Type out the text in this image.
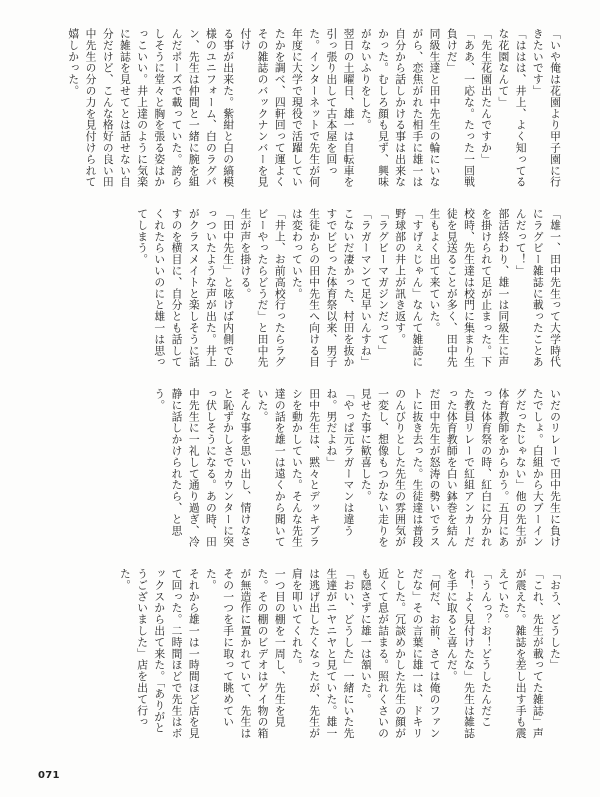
「いや俺は花園より甲子園に行きたいです」

「ははは、井上、よく知ってるな花園なんて」

「先生花園出たんですか」

「ああ、一応な。たった一回戦負けだ」

同級生達と田中先生の輪にいながら、恋焦がれた相手に雄一は自分から話しかける事は出来なかった。むしろ顔も見ず、興味がないふりをした。

翌日の土曜日、雄一は自転車を引っ張り出して古本屋を回った。インターネットで先生が何年度に大学で現役で活躍していたかを調べ、四軒回って運よくその雑誌のバックナンバーを見付け

る事が出来た。紫紺と白の縞模様のユニフォーム、白のラグパン、先生は仲間と一緒に腕を組んだポーズで載っていた。誇らしそうに堂々と胸を張る姿はかっこいい。井上達のように気楽に雑誌を見せてとは話せない自分だけど、こんな格好の良い田中先生の分の力を見付けられて嬉しかった。

「雄一、田中先生って大学時代にラグビー雑誌に載ったことあんだって！」

部活終わり、雄一は同級生に声を掛けられて足が止まった。下校時、先生達は校門に集まり生徒を見送ることが多く、田中先生もよく出て来ていた。

「すげぇじゃん」なんて雑誌に野球部の井上が訊き返す。

「ラグビーマガジンだって」

「ラガーマンて足早いんすね」 こないだ凄かった、村田を抜かすでビビった体育祭以来、男子生徒からの田中先生へ向ける目は変わっていた。

「井上、お前高校行ったらラグビーやったらどうだ」と田中先生が声を掛ける。

「田中先生」と呟けば内側でひっついたような声が出た。井上がクラスメイトと楽しそうに話すのを横目に、自分とも話してくれたらいいのにと雄一は思ってしまう。

いだのリレーで田中先生に負けたでしょ。白組から大ブーイングだったじゃない」他の先生が体育教師をからかう。五月にあった体育祭の時、紅白に分かれた教員リレーで紅組アンカーだった体育教師を白い鉢巻を結んだ田中先生が怒涛の勢いでラストに抜き去った。生徒達は普段のんびりとした先生の雰囲気が一変し、想像もつかない走りを見せた事に歓喜した。

「やっぱ元ラガーマンは違うね。男だよね」

田中先生は、黙々とデッキブラシを動かしていた。そんな先生達の話を雄一は遠くから聞いていた。

そんな事を思い出し、情けなさと恥ずかしさでカウンターに突っ伏しそうになる。あの時、田中先生に一礼して通り過ぎ、冷静に話しかけられたら、と思う。

「おう、どうした」

「これ、先生が載ってた雑誌」声が震えた。雑誌を差し出す手も震えていた。

「うんっ？お！どうしたんだこれ！よく見付けたな」先生は雑誌を手に取ると喜んだ。

「何だ、お前、さては俺のファンだな」その言葉に雄一は、ドキリとした。冗談めかした先生の顔が近くて息が詰まる。照れくさいのも隠さずに雄一は頷いた。

「おい、どうした」一緒にいた先生達がニヤニヤと見ていた。雄一は逃げ出したくなったが、先生が肩を叩いてくれた。

一つ目の棚を一周し、先生を見た。その棚のビデオはゲイ物の箱が無造作に置かれていて、先生はその一つを手に取って眺めていた。

それから雄一は一時間ほど店を見て回った。二時間ほどで先生はボックスから出て来た。「ありがとうございました」店を出て行った。

071
